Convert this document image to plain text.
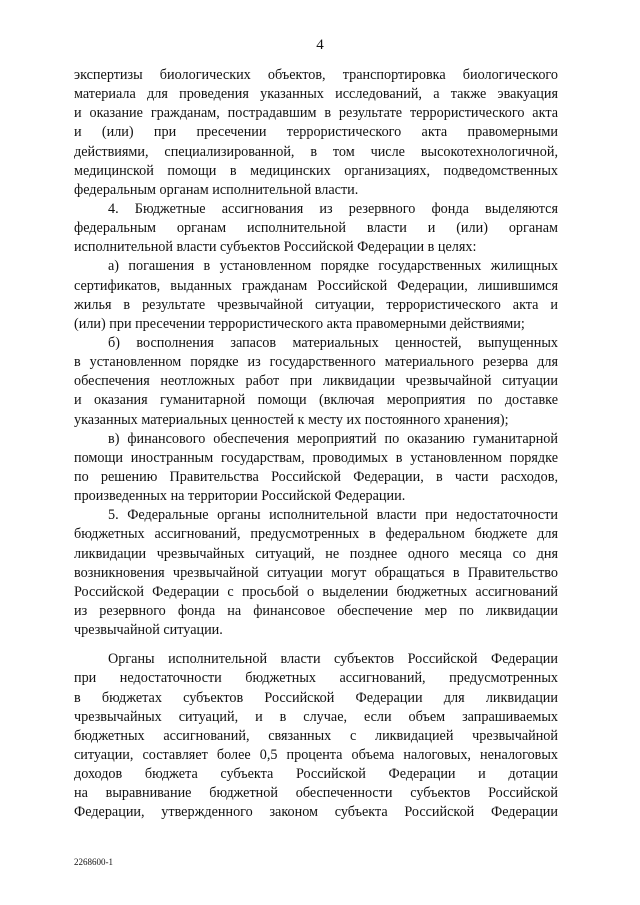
4
экспертизы биологических объектов, транспортировка биологического
материала для проведения указанных исследований, а также эвакуация
и оказание гражданам, пострадавшим в результате террористического акта
и (или) при пресечении террористического акта правомерными
действиями, специализированной, в том числе высокотехнологичной,
медицинской помощи в медицинских организациях, подведомственных
федеральным органам исполнительной власти.
4. Бюджетные ассигнования из резервного фонда выделяются
федеральным органам исполнительной власти и (или) органам
исполнительной власти субъектов Российской Федерации в целях:
а) погашения в установленном порядке государственных жилищных
сертификатов, выданных гражданам Российской Федерации, лишившимся
жилья в результате чрезвычайной ситуации, террористического акта и
(или) при пресечении террористического акта правомерными действиями;
б) восполнения запасов материальных ценностей, выпущенных
в установленном порядке из государственного материального резерва для
обеспечения неотложных работ при ликвидации чрезвычайной ситуации
и оказания гуманитарной помощи (включая мероприятия по доставке
указанных материальных ценностей к месту их постоянного хранения);
в) финансового обеспечения мероприятий по оказанию гуманитарной
помощи иностранным государствам, проводимых в установленном порядке
по решению Правительства Российской Федерации, в части расходов,
произведенных на территории Российской Федерации.
5. Федеральные органы исполнительной власти при недостаточности
бюджетных ассигнований, предусмотренных в федеральном бюджете для
ликвидации чрезвычайных ситуаций, не позднее одного месяца со дня
возникновения чрезвычайной ситуации могут обращаться в Правительство
Российской Федерации с просьбой о выделении бюджетных ассигнований
из резервного фонда на финансовое обеспечение мер по ликвидации
чрезвычайной ситуации.
Органы исполнительной власти субъектов Российской Федерации
при недостаточности бюджетных ассигнований, предусмотренных
в бюджетах субъектов Российской Федерации для ликвидации
чрезвычайных ситуаций, и в случае, если объем запрашиваемых
бюджетных ассигнований, связанных с ликвидацией чрезвычайной
ситуации, составляет более 0,5 процента объема налоговых, неналоговых
доходов бюджета субъекта Российской Федерации и дотации
на выравнивание бюджетной обеспеченности субъектов Российской
Федерации, утвержденного законом субъекта Российской Федерации
2268600-1
